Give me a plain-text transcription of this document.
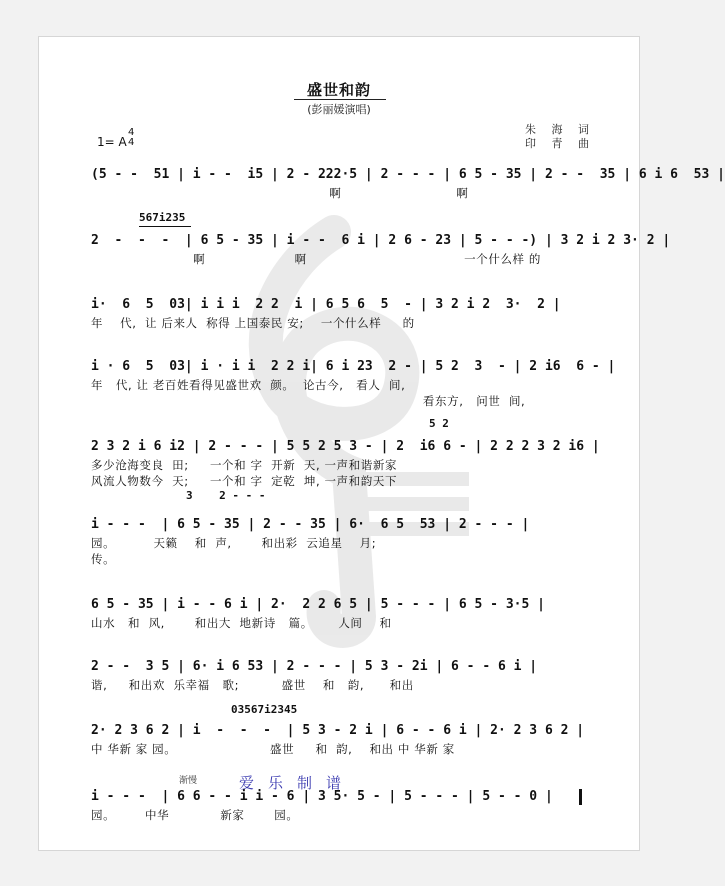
盛世和韵
(彭丽媛演唱)
1= A
4
4
朱 海 词
印 青 曲
567i235
(5 - -  51 | i - -  i5 | 2 - 222·5 | 2 - - - | 6 5 - 35 | 2 - -  35 | 6 i 6  53 |
啊                           啊
2  -  -  -  | 6 5 - 35 | i - -  6 i | 2 6 - 23 | 5 - - -) | 3 2 i 2 3· 2 |
啊                     啊                                     一个什么样 的
i·  6  5  03| i i i  2 2  i | 6 5 6  5  - | 3 2 i 2  3·  2 |
年    代,  让 后来人  称得 上国泰民 安;    一个什么样     的
i · 6  5  03| i · i i  2 2 i| 6 i 23  2 - | 5 2  3  - | 2 i6  6 - |
年   代, 让 老百姓看得见盛世欢  颜。  论古今,   看人  间,
看东方,   问世  间,
5 2
2 3 2 i 6 i2 | 2 - - - | 5 5 2 5 3 - | 2  i6 6 - | 2 2 2 3 2 i6 |
多少沧海变良  田;     一个和 字  开新  天, 一声和谐新家
风流人物数今  天;     一个和 字  定乾  坤, 一声和韵天下
3    2 - - -
i - - -  | 6 5 - 35 | 2 - - 35 | 6·  6 5  53 | 2 - - - |
园。         天籁    和  声,       和出彩  云追星    月;
传。
6 5 - 35 | i - - 6 i | 2·  2 2 6 5 | 5 - - - | 6 5 - 3·5 |
山水   和  风,       和出大  地新诗   篇。      人间    和
2 - -  3 5 | 6· i 6 53 | 2 - - - | 5 3 - 2i | 6 - - 6 i |
谐,     和出欢  乐幸福   歌;          盛世    和   韵,      和出
03567i2345
2· 2 3 6 2 | i  -  -  -  | 5 3 - 2 i | 6 - - 6 i | 2· 2 3 6 2 |
中 华新 家 园。                      盛世     和  韵,    和出 中 华新 家
渐慢
i - - -  | 6 6 - - i i - 6 | 3 5· 5 - | 5 - - - | 5 - - 0 |
园。       中华            新家       园。
爱乐制谱
